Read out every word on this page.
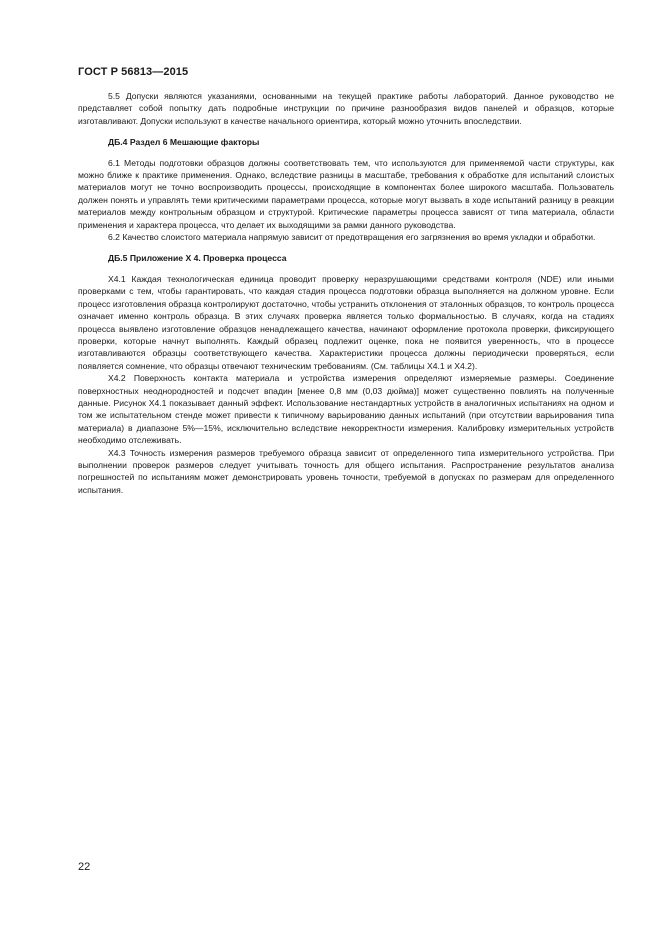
ГОСТ Р 56813—2015

5.5 Допуски являются указаниями, основанными на текущей практике работы лабораторий. Данное руководство не представляет собой попытку дать подробные инструкции по причине разнообразия видов панелей и образцов, которые изготавливают. Допуски используют в качестве начального ориентира, который можно уточнить впоследствии.

ДБ.4 Раздел 6 Мешающие факторы

6.1 Методы подготовки образцов должны соответствовать тем, что используются для применяемой части структуры, как можно ближе к практике применения. Однако, вследствие разницы в масштабе, требования к обработке для испытаний слоистых материалов могут не точно воспроизводить процессы, происходящие в компонентах более широкого масштаба. Пользователь должен понять и управлять теми критическими параметрами процесса, которые могут вызвать в ходе испытаний разницу в реакции материалов между контрольным образцом и структурой. Критические параметры процесса зависят от типа материала, области применения и характера процесса, что делает их выходящими за рамки данного руководства.

6.2 Качество слоистого материала напрямую зависит от предотвращения его загрязнения во время укладки и обработки.

ДБ.5 Приложение Х 4. Проверка процесса

Х4.1 Каждая технологическая единица проводит проверку неразрушающими средствами контроля (NDE) или иными проверками с тем, чтобы гарантировать, что каждая стадия процесса подготовки образца выполняется на должном уровне. Если процесс изготовления образца контролируют достаточно, чтобы устранить отклонения от эталонных образцов, то контроль процесса означает именно контроль образца. В этих случаях проверка является только формальностью. В случаях, когда на стадиях процесса выявлено изготовление образцов ненадлежащего качества, начинают оформление протокола проверки, фиксирующего проверки, которые начнут выполнять. Каждый образец подлежит оценке, пока не появится уверенность, что в процессе изготавливаются образцы соответствующего качества. Характеристики процесса должны периодически проверяться, если появляется сомнение, что образцы отвечают техническим требованиям. (См. таблицы Х4.1 и Х4.2).

Х4.2 Поверхность контакта материала и устройства измерения определяют измеряемые размеры. Соединение поверхностных неоднородностей и подсчет впадин [менее 0,8 мм (0,03 дюйма)] может существенно повлиять на полученные данные. Рисунок Х4.1 показывает данный эффект. Использование нестандартных устройств в аналогичных испытаниях на одном и том же испытательном стенде может привести к типичному варьированию данных испытаний (при отсутствии варьирования типа материала) в диапазоне 5%—15%, исключительно вследствие некорректности измерения. Калибровку измерительных устройств необходимо отслеживать.

Х4.3 Точность измерения размеров требуемого образца зависит от определенного типа измерительного устройства. При выполнении проверок размеров следует учитывать точность для общего испытания. Распространение результатов анализа погрешностей по испытаниям может демонстрировать уровень точности, требуемой в допусках по размерам для определенного испытания.

22
